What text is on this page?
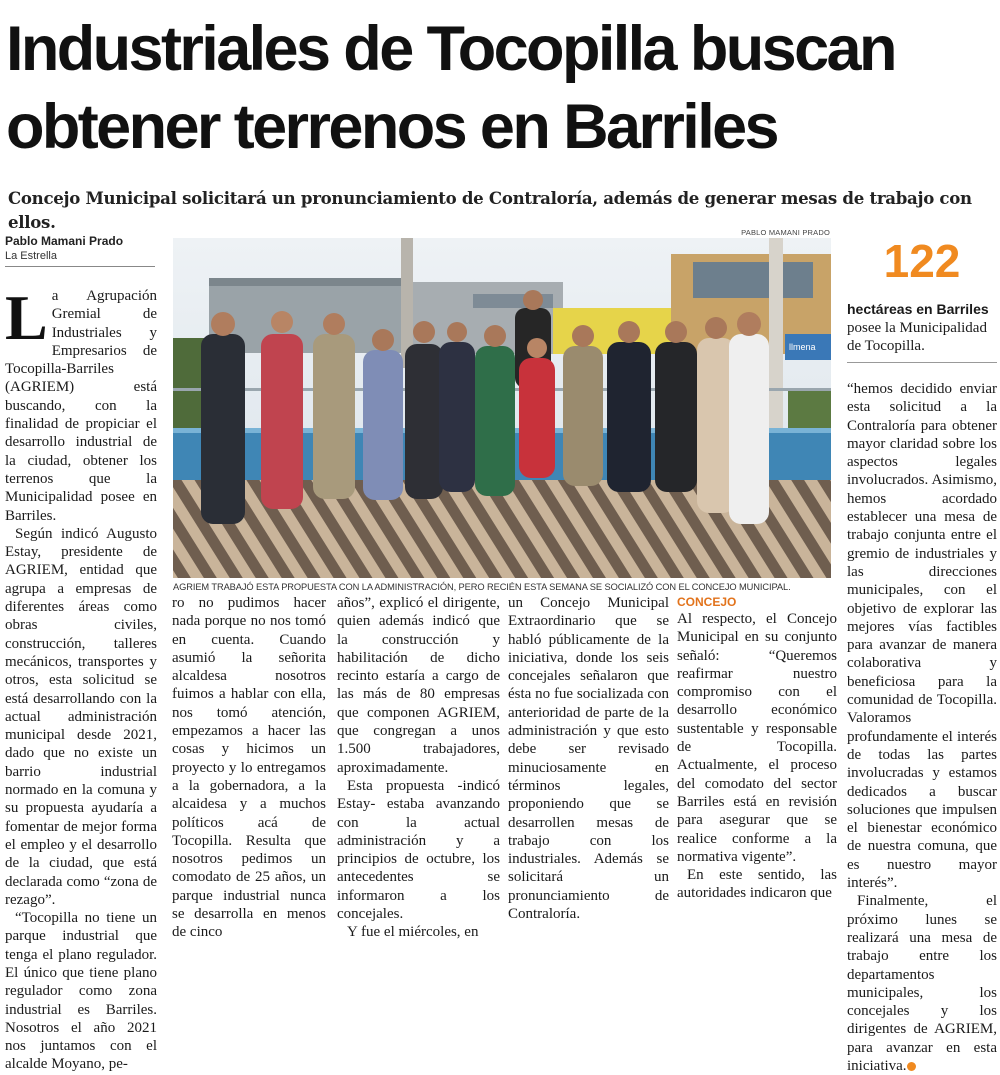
Industriales de Tocopilla buscan obtener terrenos en Barriles

Concejo Municipal solicitará un pronunciamiento de Contraloría, además de generar mesas de trabajo con ellos.

Pablo Mamani Prado
La Estrella
PABLO MAMANI PRADO
llmena
AGRIEM TRABAJÓ ESTA PROPUESTA CON LA ADMINISTRACIÓN, PERO RECIÉN ESTA SEMANA SE SOCIALIZÓ CON EL CONCEJO MUNICIPAL.
122

hectáreas en Barriles posee la Municipalidad de Tocopilla.

La Agrupación Gremial de Industriales y Empresarios de Tocopilla-Barriles (AGRIEM) está buscando, con la finalidad de propiciar el desarrollo industrial de la ciudad, obtener los terrenos que la Municipalidad posee en Barriles.

Según indicó Augusto Estay, presidente de AGRIEM, entidad que agrupa a empresas de diferentes áreas como obras civiles, construcción, talleres mecánicos, transportes y otros, esta solicitud se está desarrollando con la actual administración municipal desde 2021, dado que no existe un barrio industrial normado en la comuna y su propuesta ayudaría a fomentar de mejor forma el empleo y el desarrollo de la ciudad, que está declarada como “zona de rezago”.
“Tocopilla no tiene un parque industrial que tenga el plano regulador. El único que tiene plano regulador como zona industrial es Barriles. Nosotros el año 2021 nos juntamos con el alcalde Moyano, pe-
ro no pudimos hacer nada porque no nos tomó en cuenta. Cuando asumió la señorita alcaldesa nosotros fuimos a hablar con ella, nos tomó atención, empezamos a hacer las cosas y hicimos un proyecto y lo entregamos a la gobernadora, a la alcaidesa y a muchos políticos acá de Tocopilla. Resulta que nosotros pedimos un comodato de 25 años, un parque industrial nunca se desarrolla en menos de cinco
años”, explicó el dirigente, quien además indicó que la construcción y habilitación de dicho recinto estaría a cargo de las más de 80 empresas que componen AGRIEM, que congregan a unos 1.500 trabajadores, aproximadamente.
Esta propuesta -indicó Estay- estaba avanzando con la actual administración y a principios de octubre, los antecedentes se informaron a los concejales.
Y fue el miércoles, en
un Concejo Municipal Extraordinario que se habló públicamente de la iniciativa, donde los seis concejales señalaron que ésta no fue socializada con anterioridad de parte de la administración y que esto debe ser revisado minuciosamente en términos legales, proponiendo que se desarrollen mesas de trabajo con los industriales. Además se solicitará un pronunciamiento de Contraloría.
CONCEJO
Al respecto, el Concejo Municipal en su conjunto señaló: “Queremos reafirmar nuestro compromiso con el desarrollo económico sustentable y responsable de Tocopilla. Actualmente, el proceso del comodato del sector Barriles está en revisión para asegurar que se realice conforme a la normativa vigente”.
En este sentido, las autoridades indicaron que
“hemos decidido enviar esta solicitud a la Contraloría para obtener mayor claridad sobre los aspectos legales involucrados. Asimismo, hemos acordado establecer una mesa de trabajo conjunta entre el gremio de industriales y las direcciones municipales, con el objetivo de explorar las mejores vías factibles para avanzar de manera colaborativa y beneficiosa para la comunidad de Tocopilla. Valoramos profundamente el interés de todas las partes involucradas y estamos dedicados a buscar soluciones que impulsen el bienestar económico de nuestra comuna, que es nuestro mayor interés”.
Finalmente, el próximo lunes se realizará una mesa de trabajo entre los departamentos municipales, los concejales y los dirigentes de AGRIEM, para avanzar en esta iniciativa.
